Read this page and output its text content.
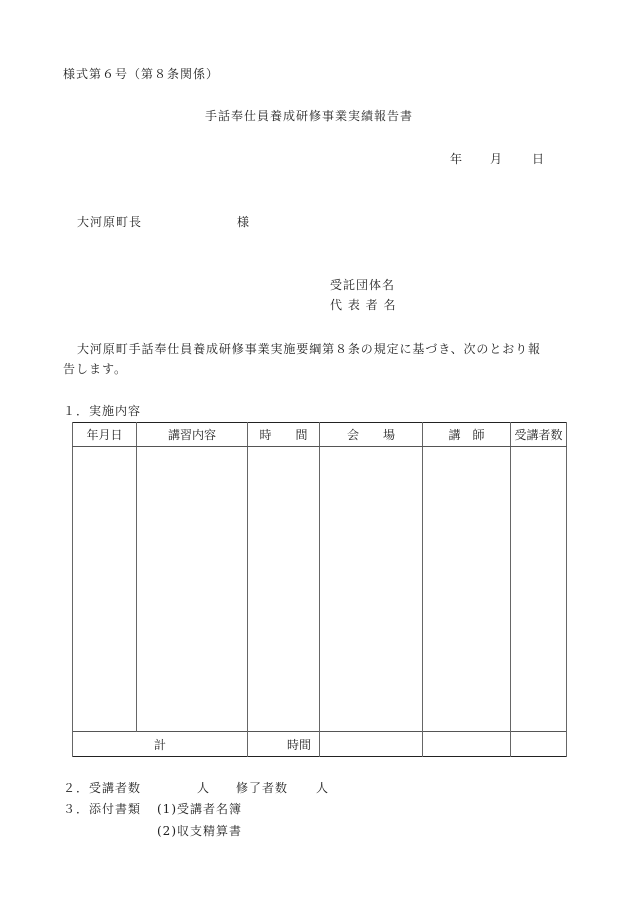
様式第６号（第８条関係）
手話奉仕員養成研修事業実績報告書
年 月 日
大河原町長	様
受託団体名
代 表 者 名
大河原町手話奉仕員養成研修事業実施要綱第８条の規定に基づき、次のとおり報
告します。
１．実施内容
年月日	講習内容	時　　間	会　　場	講　師	受講者数

計		時間			
２．受講者数	人 修了者数 人
３．添付書類 (1)受講者名簿
(2)収支精算書
